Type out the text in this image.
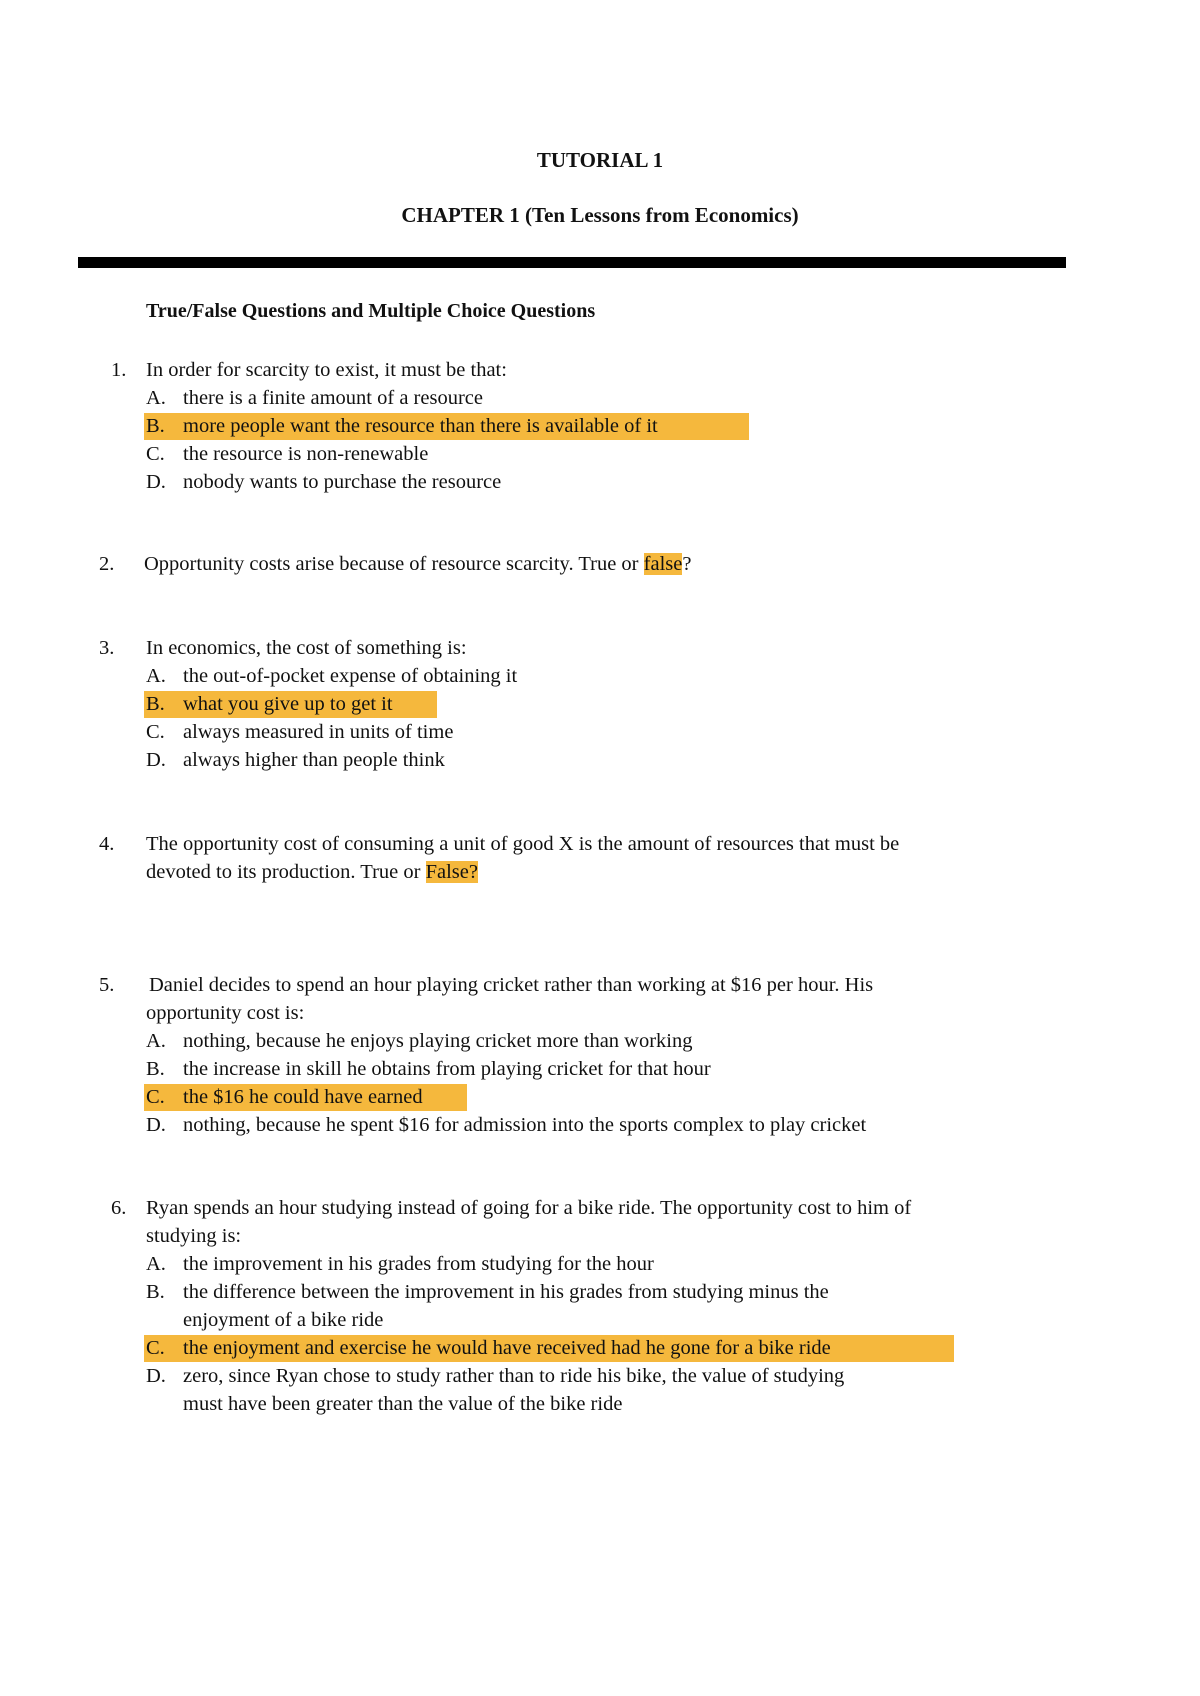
TUTORIAL 1
CHAPTER 1 (Ten Lessons from Economics)
True/False Questions and Multiple Choice Questions
1. In order for scarcity to exist, it must be that:
A. there is a finite amount of a resource
B. more people want the resource than there is available of it
C. the resource is non-renewable
D. nobody wants to purchase the resource
2. Opportunity costs arise because of resource scarcity. True or false?
3. In economics, the cost of something is:
A. the out-of-pocket expense of obtaining it
B. what you give up to get it
C. always measured in units of time
D. always higher than people think
4. The opportunity cost of consuming a unit of good X is the amount of resources that must be
devoted to its production. True or False?
5. Daniel decides to spend an hour playing cricket rather than working at $16 per hour. His
opportunity cost is:
A. nothing, because he enjoys playing cricket more than working
B. the increase in skill he obtains from playing cricket for that hour
C. the $16 he could have earned
D. nothing, because he spent $16 for admission into the sports complex to play cricket
6. Ryan spends an hour studying instead of going for a bike ride. The opportunity cost to him of
studying is:
A. the improvement in his grades from studying for the hour
B. the difference between the improvement in his grades from studying minus the
enjoyment of a bike ride
C. the enjoyment and exercise he would have received had he gone for a bike ride
D. zero, since Ryan chose to study rather than to ride his bike, the value of studying
must have been greater than the value of the bike ride
